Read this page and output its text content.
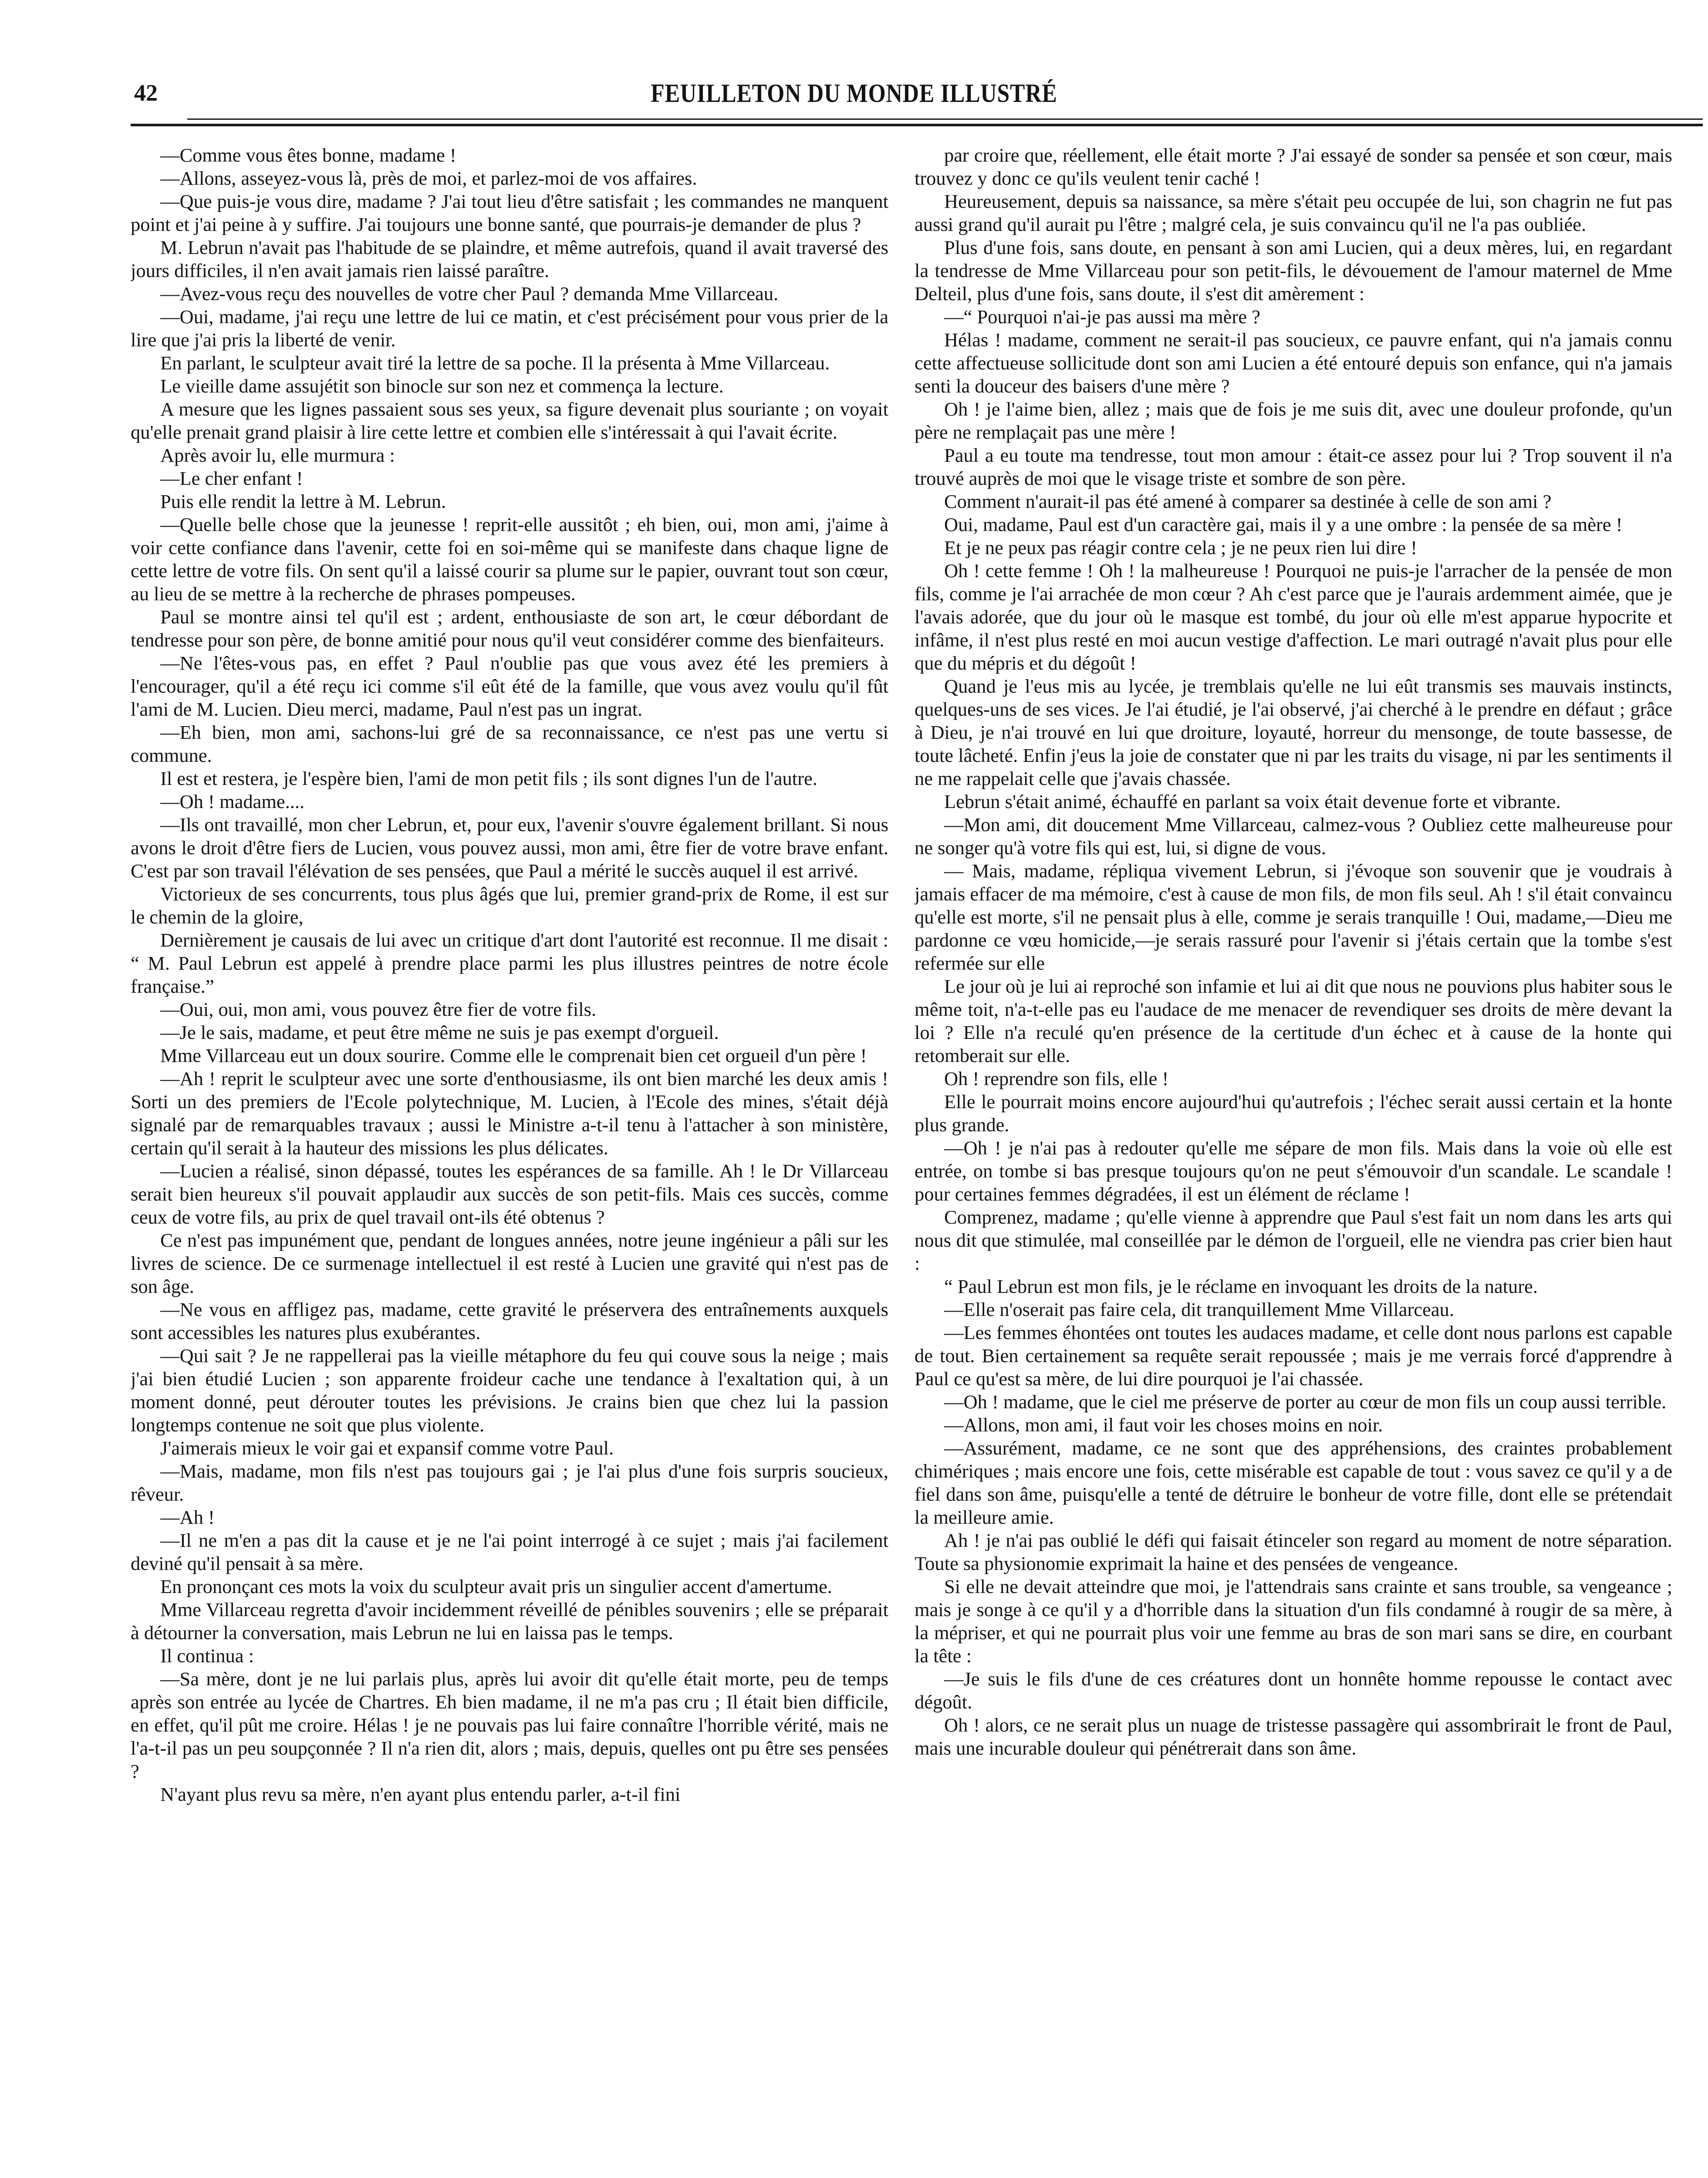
42	FEUILLETON DU MONDE ILLUSTRÉ

—Comme vous êtes bonne, madame !

—Allons, asseyez-vous là, près de moi, et parlez-moi de vos affaires.

—Que puis-je vous dire, madame ? J'ai tout lieu d'être satisfait ; les commandes ne manquent point et j'ai peine à y suffire. J'ai toujours une bonne santé, que pourrais-je demander de plus ?

M. Lebrun n'avait pas l'habitude de se plaindre, et même autrefois, quand il avait traversé des jours difficiles, il n'en avait jamais rien laissé paraître.

—Avez-vous reçu des nouvelles de votre cher Paul ? demanda Mme Villarceau.

—Oui, madame, j'ai reçu une lettre de lui ce matin, et c'est précisément pour vous prier de la lire que j'ai pris la liberté de venir.

En parlant, le sculpteur avait tiré la lettre de sa poche. Il la présenta à Mme Villarceau.

Le vieille dame assujétit son binocle sur son nez et commença la lecture.

A mesure que les lignes passaient sous ses yeux, sa figure devenait plus souriante ; on voyait qu'elle prenait grand plaisir à lire cette lettre et combien elle s'intéressait à qui l'avait écrite.

Après avoir lu, elle murmura :

—Le cher enfant !

Puis elle rendit la lettre à M. Lebrun.

—Quelle belle chose que la jeunesse ! reprit-elle aussitôt ; eh bien, oui, mon ami, j'aime à voir cette confiance dans l'avenir, cette foi en soi-même qui se manifeste dans chaque ligne de cette lettre de votre fils. On sent qu'il a laissé courir sa plume sur le papier, ouvrant tout son cœur, au lieu de se mettre à la recherche de phrases pompeuses.

Paul se montre ainsi tel qu'il est ; ardent, enthousiaste de son art, le cœur débordant de tendresse pour son père, de bonne amitié pour nous qu'il veut considérer comme des bienfaiteurs.

—Ne l'êtes-vous pas, en effet ? Paul n'oublie pas que vous avez été les premiers à l'encourager, qu'il a été reçu ici comme s'il eût été de la famille, que vous avez voulu qu'il fût l'ami de M. Lucien. Dieu merci, madame, Paul n'est pas un ingrat.

—Eh bien, mon ami, sachons-lui gré de sa reconnaissance, ce n'est pas une vertu si commune.

Il est et restera, je l'espère bien, l'ami de mon petit fils ; ils sont dignes l'un de l'autre.

—Oh ! madame....

—Ils ont travaillé, mon cher Lebrun, et, pour eux, l'avenir s'ouvre également brillant. Si nous avons le droit d'être fiers de Lucien, vous pouvez aussi, mon ami, être fier de votre brave enfant. C'est par son travail l'élévation de ses pensées, que Paul a mérité le succès auquel il est arrivé.

Victorieux de ses concurrents, tous plus âgés que lui, premier grand-prix de Rome, il est sur le chemin de la gloire,

Dernièrement je causais de lui avec un critique d'art dont l'autorité est reconnue. Il me disait : “ M. Paul Lebrun est appelé à prendre place parmi les plus illustres peintres de notre école française.”

—Oui, oui, mon ami, vous pouvez être fier de votre fils.

—Je le sais, madame, et peut être même ne suis je pas exempt d'orgueil.

Mme Villarceau eut un doux sourire. Comme elle le comprenait bien cet orgueil d'un père !

—Ah ! reprit le sculpteur avec une sorte d'enthousiasme, ils ont bien marché les deux amis ! Sorti un des premiers de l'Ecole polytechnique, M. Lucien, à l'Ecole des mines, s'était déjà signalé par de remarquables travaux ; aussi le Ministre a-t-il tenu à l'attacher à son ministère, certain qu'il serait à la hauteur des missions les plus délicates.

—Lucien a réalisé, sinon dépassé, toutes les espérances de sa famille. Ah ! le Dr Villarceau serait bien heureux s'il pouvait applaudir aux succès de son petit-fils. Mais ces succès, comme ceux de votre fils, au prix de quel travail ont-ils été obtenus ?

Ce n'est pas impunément que, pendant de longues années, notre jeune ingénieur a pâli sur les livres de science. De ce surmenage intellectuel il est resté à Lucien une gravité qui n'est pas de son âge.

—Ne vous en affligez pas, madame, cette gravité le préservera des entraînements auxquels sont accessibles les natures plus exubérantes.

—Qui sait ? Je ne rappellerai pas la vieille métaphore du feu qui couve sous la neige ; mais j'ai bien étudié Lucien ; son apparente froideur cache une tendance à l'exaltation qui, à un moment donné, peut dérouter toutes les prévisions. Je crains bien que chez lui la passion longtemps contenue ne soit que plus violente.

J'aimerais mieux le voir gai et expansif comme votre Paul.

—Mais, madame, mon fils n'est pas toujours gai ; je l'ai plus d'une fois surpris soucieux, rêveur.

—Ah !

—Il ne m'en a pas dit la cause et je ne l'ai point interrogé à ce sujet ; mais j'ai facilement deviné qu'il pensait à sa mère.

En prononçant ces mots la voix du sculpteur avait pris un singulier accent d'amertume.

Mme Villarceau regretta d'avoir incidemment réveillé de pénibles souvenirs ; elle se préparait à détourner la conversation, mais Lebrun ne lui en laissa pas le temps.

Il continua :

—Sa mère, dont je ne lui parlais plus, après lui avoir dit qu'elle était morte, peu de temps après son entrée au lycée de Chartres. Eh bien madame, il ne m'a pas cru ; Il était bien difficile, en effet, qu'il pût me croire. Hélas ! je ne pouvais pas lui faire connaître l'horrible vérité, mais ne l'a-t-il pas un peu soupçonnée ? Il n'a rien dit, alors ; mais, depuis, quelles ont pu être ses pensées ?

N'ayant plus revu sa mère, n'en ayant plus entendu parler, a-t-il fini

par croire que, réellement, elle était morte ? J'ai essayé de sonder sa pensée et son cœur, mais trouvez y donc ce qu'ils veulent tenir caché !

Heureusement, depuis sa naissance, sa mère s'était peu occupée de lui, son chagrin ne fut pas aussi grand qu'il aurait pu l'être ; malgré cela, je suis convaincu qu'il ne l'a pas oubliée.

Plus d'une fois, sans doute, en pensant à son ami Lucien, qui a deux mères, lui, en regardant la tendresse de Mme Villarceau pour son petit-fils, le dévouement de l'amour maternel de Mme Delteil, plus d'une fois, sans doute, il s'est dit amèrement :

—“ Pourquoi n'ai-je pas aussi ma mère ?

Hélas ! madame, comment ne serait-il pas soucieux, ce pauvre enfant, qui n'a jamais connu cette affectueuse sollicitude dont son ami Lucien a été entouré depuis son enfance, qui n'a jamais senti la douceur des baisers d'une mère ?

Oh ! je l'aime bien, allez ; mais que de fois je me suis dit, avec une douleur profonde, qu'un père ne remplaçait pas une mère !

Paul a eu toute ma tendresse, tout mon amour : était-ce assez pour lui ? Trop souvent il n'a trouvé auprès de moi que le visage triste et sombre de son père.

Comment n'aurait-il pas été amené à comparer sa destinée à celle de son ami ?

Oui, madame, Paul est d'un caractère gai, mais il y a une ombre : la pensée de sa mère !

Et je ne peux pas réagir contre cela ; je ne peux rien lui dire !

Oh ! cette femme ! Oh ! la malheureuse ! Pourquoi ne puis-je l'arracher de la pensée de mon fils, comme je l'ai arrachée de mon cœur ? Ah c'est parce que je l'aurais ardemment aimée, que je l'avais adorée, que du jour où le masque est tombé, du jour où elle m'est apparue hypocrite et infâme, il n'est plus resté en moi aucun vestige d'affection. Le mari outragé n'avait plus pour elle que du mépris et du dégoût !

Quand je l'eus mis au lycée, je tremblais qu'elle ne lui eût transmis ses mauvais instincts, quelques-uns de ses vices. Je l'ai étudié, je l'ai observé, j'ai cherché à le prendre en défaut ; grâce à Dieu, je n'ai trouvé en lui que droiture, loyauté, horreur du mensonge, de toute bassesse, de toute lâcheté. Enfin j'eus la joie de constater que ni par les traits du visage, ni par les sentiments il ne me rappelait celle que j'avais chassée.

Lebrun s'était animé, échauffé en parlant sa voix était devenue forte et vibrante.

—Mon ami, dit doucement Mme Villarceau, calmez-vous ? Oubliez cette malheureuse pour ne songer qu'à votre fils qui est, lui, si digne de vous.

— Mais, madame, répliqua vivement Lebrun, si j'évoque son souvenir que je voudrais à jamais effacer de ma mémoire, c'est à cause de mon fils, de mon fils seul. Ah ! s'il était convaincu qu'elle est morte, s'il ne pensait plus à elle, comme je serais tranquille ! Oui, madame,—Dieu me pardonne ce vœu homicide,—je serais rassuré pour l'avenir si j'étais certain que la tombe s'est refermée sur elle

Le jour où je lui ai reproché son infamie et lui ai dit que nous ne pouvions plus habiter sous le même toit, n'a-t-elle pas eu l'audace de me menacer de revendiquer ses droits de mère devant la loi ? Elle n'a reculé qu'en présence de la certitude d'un échec et à cause de la honte qui retomberait sur elle.

Oh ! reprendre son fils, elle !

Elle le pourrait moins encore aujourd'hui qu'autrefois ; l'échec serait aussi certain et la honte plus grande.

—Oh ! je n'ai pas à redouter qu'elle me sépare de mon fils. Mais dans la voie où elle est entrée, on tombe si bas presque toujours qu'on ne peut s'émouvoir d'un scandale. Le scandale ! pour certaines femmes dégradées, il est un élément de réclame !

Comprenez, madame ; qu'elle vienne à apprendre que Paul s'est fait un nom dans les arts qui nous dit que stimulée, mal conseillée par le démon de l'orgueil, elle ne viendra pas crier bien haut :

“ Paul Lebrun est mon fils, je le réclame en invoquant les droits de la nature.

—Elle n'oserait pas faire cela, dit tranquillement Mme Villarceau.

—Les femmes éhontées ont toutes les audaces madame, et celle dont nous parlons est capable de tout. Bien certainement sa requête serait repoussée ; mais je me verrais forcé d'apprendre à Paul ce qu'est sa mère, de lui dire pourquoi je l'ai chassée.

—Oh ! madame, que le ciel me préserve de porter au cœur de mon fils un coup aussi terrible.

—Allons, mon ami, il faut voir les choses moins en noir.

—Assurément, madame, ce ne sont que des appréhensions, des craintes probablement chimériques ; mais encore une fois, cette misérable est capable de tout : vous savez ce qu'il y a de fiel dans son âme, puisqu'elle a tenté de détruire le bonheur de votre fille, dont elle se prétendait la meilleure amie.

Ah ! je n'ai pas oublié le défi qui faisait étinceler son regard au moment de notre séparation. Toute sa physionomie exprimait la haine et des pensées de vengeance.

Si elle ne devait atteindre que moi, je l'attendrais sans crainte et sans trouble, sa vengeance ; mais je songe à ce qu'il y a d'horrible dans la situation d'un fils condamné à rougir de sa mère, à la mépriser, et qui ne pourrait plus voir une femme au bras de son mari sans se dire, en courbant la tête :

—Je suis le fils d'une de ces créatures dont un honnête homme repousse le contact avec dégoût.

Oh ! alors, ce ne serait plus un nuage de tristesse passagère qui assombrirait le front de Paul, mais une incurable douleur qui pénétrerait dans son âme.
